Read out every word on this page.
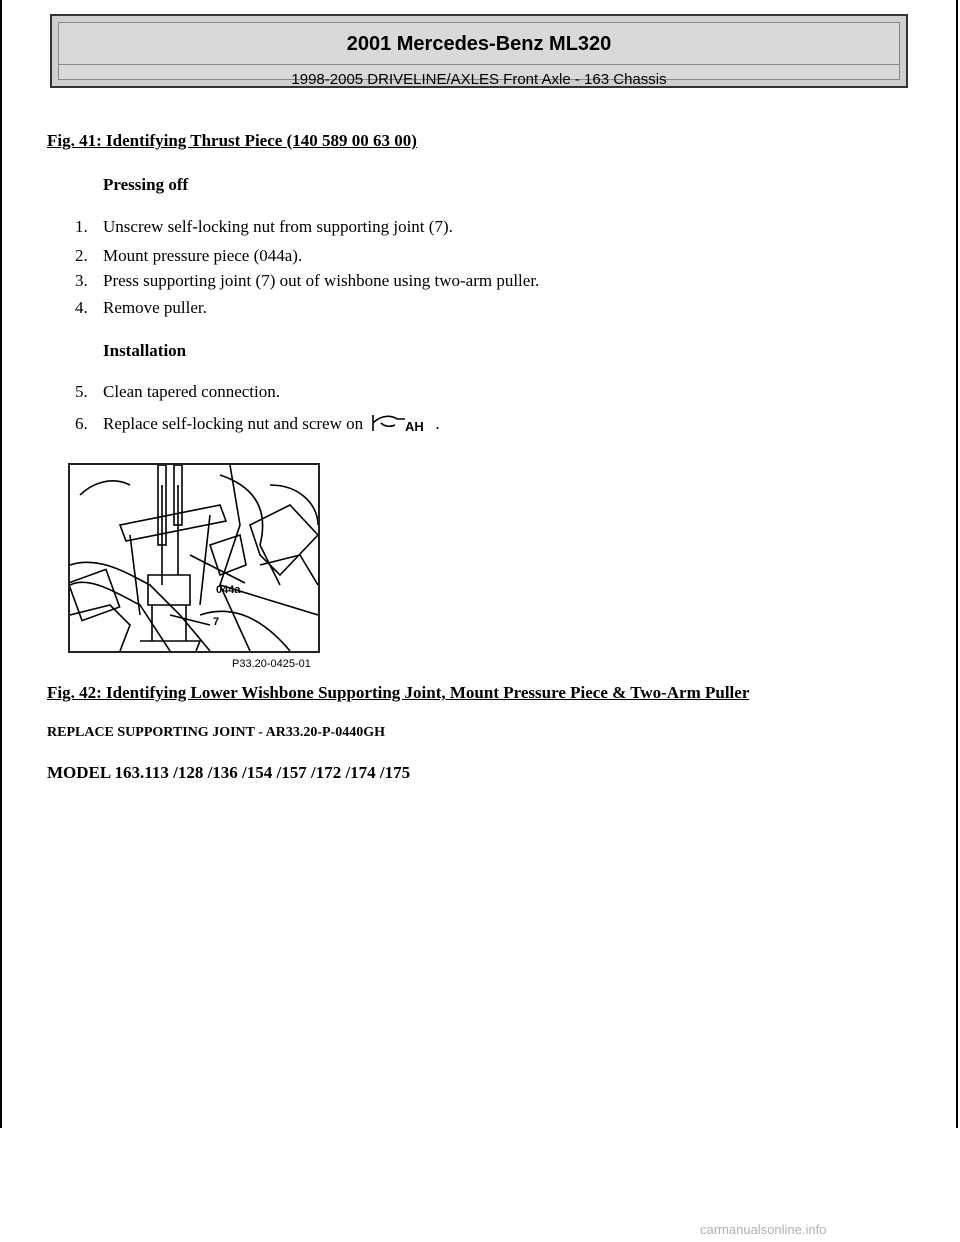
2001 Mercedes-Benz ML320
1998-2005 DRIVELINE/AXLES Front Axle - 163 Chassis
Fig. 41: Identifying Thrust Piece (140 589 00 63 00)
Pressing off
1. Unscrew self-locking nut from supporting joint (7).
2. Mount pressure piece (044a).
3. Press supporting joint (7) out of wishbone using two-arm puller.
4. Remove puller.
Installation
5. Clean tapered connection.
6. Replace self-locking nut and screw on	AH .
044a
7
P33.20-0425-01
Fig. 42: Identifying Lower Wishbone Supporting Joint, Mount Pressure Piece & Two-Arm Puller
REPLACE SUPPORTING JOINT - AR33.20-P-0440GH
MODEL 163.113 /128 /136 /154 /157 /172 /174 /175
carmanualsonline.info
